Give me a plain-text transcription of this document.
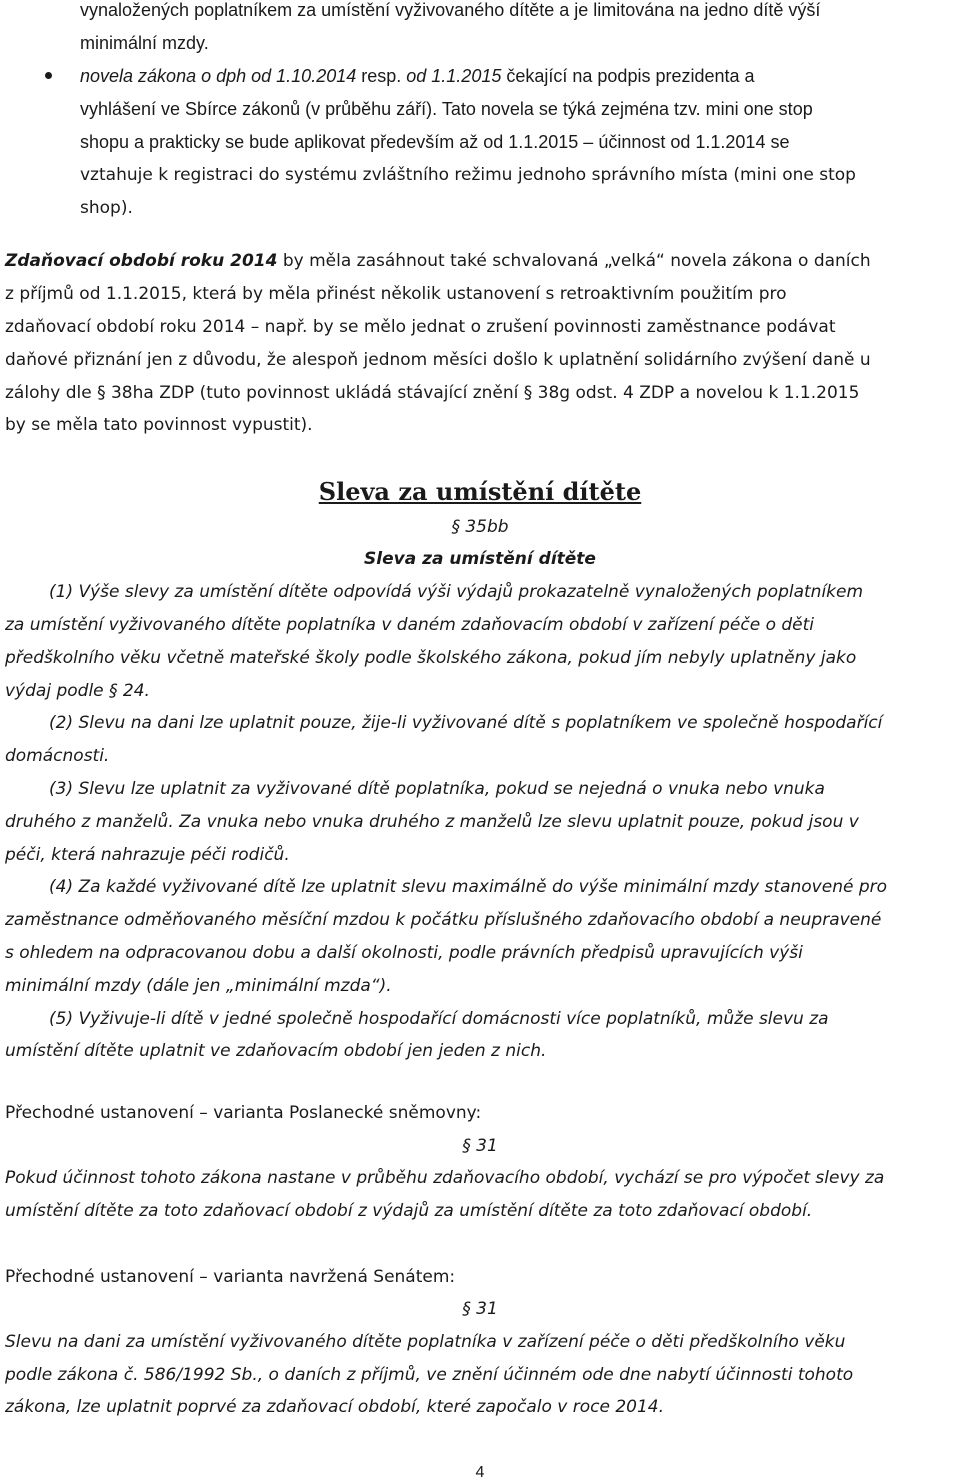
vynaložených poplatníkem za umístění vyživovaného dítěte a je limitována na jedno dítě výší
minimální mzdy.
novela zákona o dph od 1.10.2014 resp. od 1.1.2015 čekající na podpis prezidenta a
vyhlášení ve Sbírce zákonů (v průběhu září). Tato novela se týká zejména tzv. mini one stop
shopu a prakticky se bude aplikovat především až od 1.1.2015 – účinnost od 1.1.2014 se
vztahuje k registraci do systému zvláštního režimu jednoho správního místa (mini one stop
shop).
Zdaňovací období roku 2014 by měla zasáhnout také schvalovaná „velká“ novela zákona o daních
z příjmů od 1.1.2015, která by měla přinést několik ustanovení s retroaktivním použitím pro
zdaňovací období roku 2014 – např. by se mělo jednat o zrušení povinnosti zaměstnance podávat
daňové přiznání jen z důvodu, že alespoň jednom měsíci došlo k uplatnění solidárního zvýšení daně u
zálohy dle § 38ha ZDP (tuto povinnost ukládá stávající znění § 38g odst. 4 ZDP a novelou k 1.1.2015
by se měla tato povinnost vypustit).
Sleva za umístění dítěte
§ 35bb
Sleva za umístění dítěte
(1) Výše slevy za umístění dítěte odpovídá výši výdajů prokazatelně vynaložených poplatníkem
za umístění vyživovaného dítěte poplatníka v daném zdaňovacím období v zařízení péče o děti
předškolního věku včetně mateřské školy podle školského zákona, pokud jím nebyly uplatněny jako
výdaj podle § 24.
(2) Slevu na dani lze uplatnit pouze, žije-li vyživované dítě s poplatníkem ve společně hospodařící
domácnosti.
(3) Slevu lze uplatnit za vyživované dítě poplatníka, pokud se nejedná o vnuka nebo vnuka
druhého z manželů. Za vnuka nebo vnuka druhého z manželů lze slevu uplatnit pouze, pokud jsou v
péči, která nahrazuje péči rodičů.
(4) Za každé vyživované dítě lze uplatnit slevu maximálně do výše minimální mzdy stanovené pro
zaměstnance odměňovaného měsíční mzdou k počátku příslušného zdaňovacího období a neupravené
s ohledem na odpracovanou dobu a další okolnosti, podle právních předpisů upravujících výši
minimální mzdy (dále jen „minimální mzda“).
(5) Vyživuje-li dítě v jedné společně hospodařící domácnosti více poplatníků, může slevu za
umístění dítěte uplatnit ve zdaňovacím období jen jeden z nich.
Přechodné ustanovení – varianta Poslanecké sněmovny:
§ 31
Pokud účinnost tohoto zákona nastane v průběhu zdaňovacího období, vychází se pro výpočet slevy za
umístění dítěte za toto zdaňovací období z výdajů za umístění dítěte za toto zdaňovací období.
Přechodné ustanovení – varianta navržená Senátem:
§ 31
Slevu na dani za umístění vyživovaného dítěte poplatníka v zařízení péče o děti předškolního věku
podle zákona č. 586/1992 Sb., o daních z příjmů, ve znění účinném ode dne nabytí účinnosti tohoto
zákona, lze uplatnit poprvé za zdaňovací období, které započalo v roce 2014.
4
